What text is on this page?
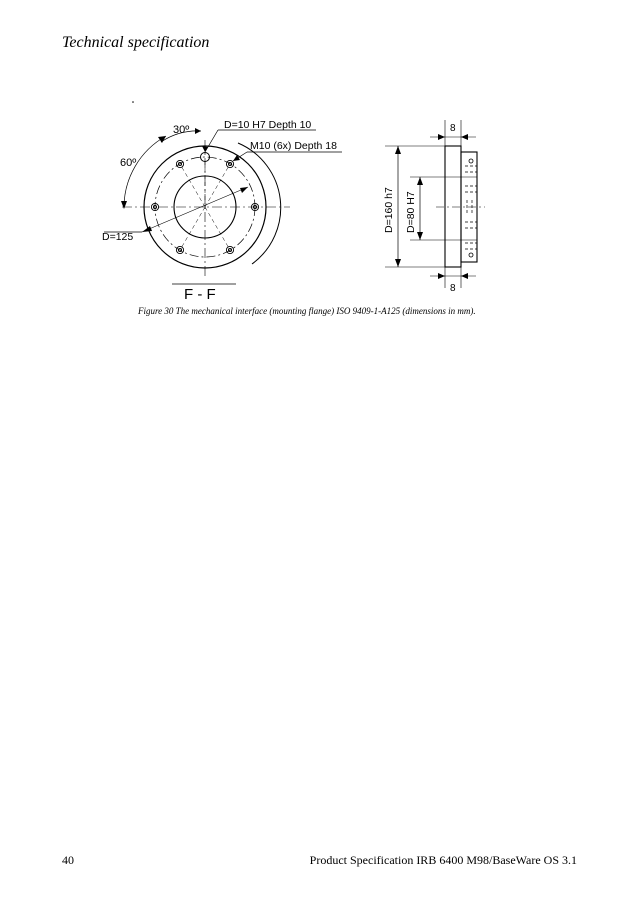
Technical specification
30º
60º
D=10 H7 Depth 10
M10 (6x) Depth 18
D=125
F - F
D=160 h7 D=80 H7
8
8
Figure 30 The mechanical interface (mounting flange) ISO 9409-1-A125 (dimensions in mm).
40	Product Specification IRB 6400 M98/BaseWare OS 3.1
